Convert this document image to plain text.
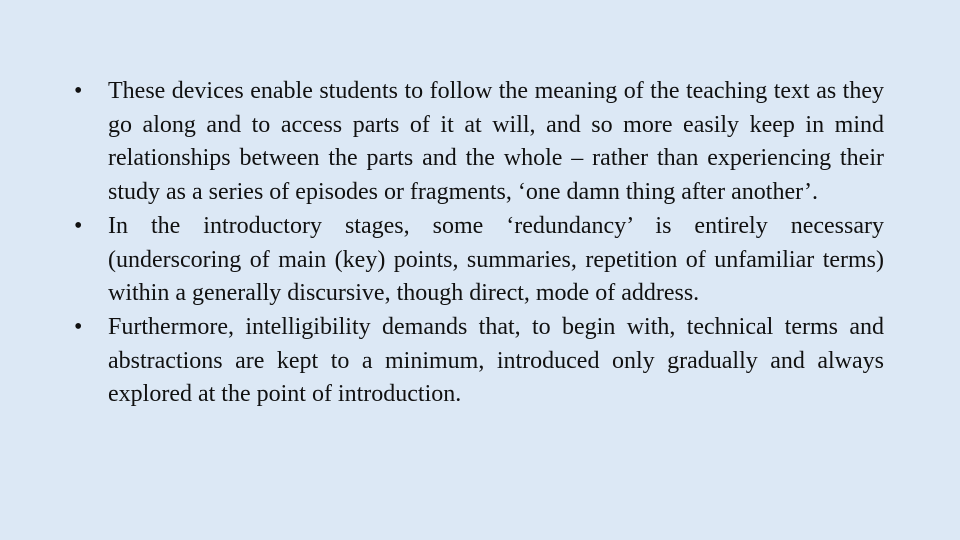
•	These devices enable students to follow the meaning of the teaching text as they go along and to access parts of it at will, and so more easily keep in mind relationships between the parts and the whole – rather than experiencing their study as a series of episodes or fragments, ‘one damn thing after another’.
•	In the introductory stages, some ‘redundancy’ is entirely necessary (underscoring of main (key) points, summaries, repetition of unfamiliar terms) within a generally discursive, though direct, mode of address.
•	Furthermore, intelligibility demands that, to begin with, technical terms and abstractions are kept to a minimum, introduced only gradually and always explored at the point of introduction.
